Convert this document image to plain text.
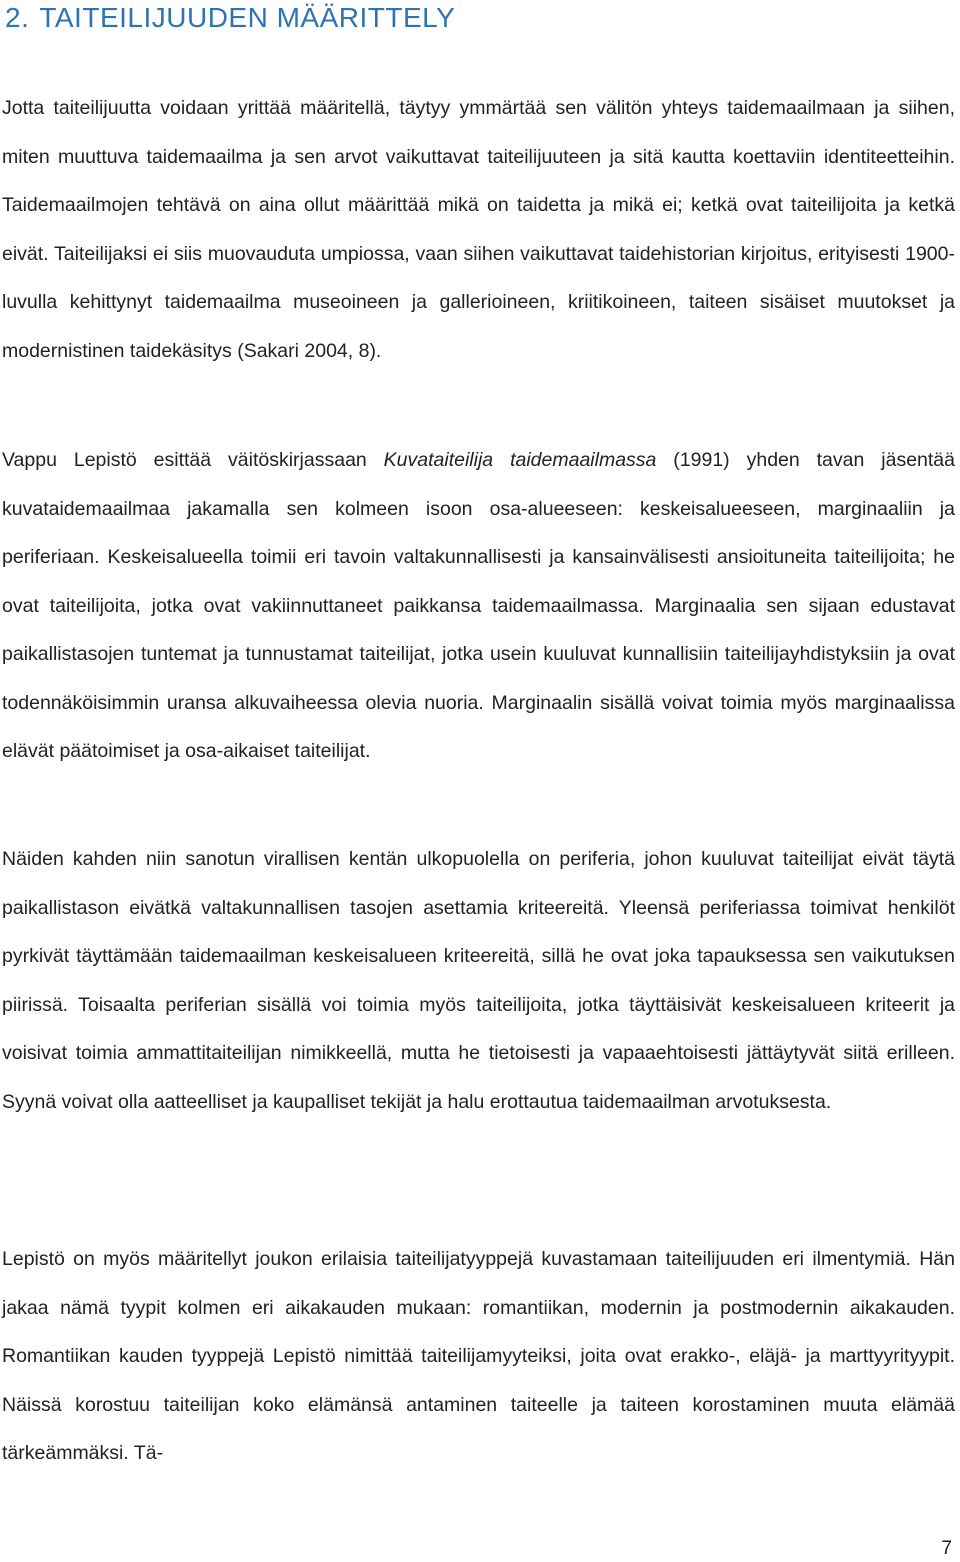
2. TAITEILIJUUDEN MÄÄRITTELY

Jotta taiteilijuutta voidaan yrittää määritellä, täytyy ymmärtää sen välitön yhteys taidemaailmaan ja siihen, miten muuttuva taidemaailma ja sen arvot vaikuttavat taiteilijuuteen ja sitä kautta koettaviin identiteetteihin. Taidemaailmojen tehtävä on aina ollut määrittää mikä on taidetta ja mikä ei; ketkä ovat taiteilijoita ja ketkä eivät. Taiteilijaksi ei siis muovauduta umpiossa, vaan siihen vaikuttavat taidehistorian kirjoitus, erityisesti 1900-luvulla kehittynyt taidemaailma museoineen ja gallerioineen, kriitikoineen, taiteen sisäiset muutokset ja modernistinen taidekäsitys (Sakari 2004, 8).

Vappu Lepistö esittää väitöskirjassaan Kuvataiteilija taidemaailmassa (1991) yhden tavan jäsentää kuvataidemaailmaa jakamalla sen kolmeen isoon osa-alueeseen: keskeisalueeseen, marginaaliin ja periferiaan. Keskeisalueella toimii eri tavoin valtakunnallisesti ja kansainvälisesti ansioituneita taiteilijoita; he ovat taiteilijoita, jotka ovat vakiinnuttaneet paikkansa taidemaailmassa. Marginaalia sen sijaan edustavat paikallistasojen tuntemat ja tunnustamat taiteilijat, jotka usein kuuluvat kunnallisiin taiteilijayhdistyksiin ja ovat todennäköisimmin uransa alkuvaiheessa olevia nuoria. Marginaalin sisällä voivat toimia myös marginaalissa elävät päätoimiset ja osa-aikaiset taiteilijat.

Näiden kahden niin sanotun virallisen kentän ulkopuolella on periferia, johon kuuluvat taiteilijat eivät täytä paikallistason eivätkä valtakunnallisen tasojen asettamia kriteereitä. Yleensä periferiassa toimivat henkilöt pyrkivät täyttämään taidemaailman keskeisalueen kriteereitä, sillä he ovat joka tapauksessa sen vaikutuksen piirissä. Toisaalta periferian sisällä voi toimia myös taiteilijoita, jotka täyttäisivät keskeisalueen kriteerit ja voisivat toimia ammattitaiteilijan nimikkeellä, mutta he tietoisesti ja vapaaehtoisesti jättäytyvät siitä erilleen. Syynä voivat olla aatteelliset ja kaupalliset tekijät ja halu erottautua taidemaailman arvotuksesta.

Lepistö on myös määritellyt joukon erilaisia taiteilijatyyppejä kuvastamaan taiteilijuuden eri ilmentymiä. Hän jakaa nämä tyypit kolmen eri aikakauden mukaan: romantiikan, modernin ja postmodernin aikakauden. Romantiikan kauden tyyppejä Lepistö nimittää taiteilijamyyteiksi, joita ovat erakko-, eläjä- ja marttyyrityypit. Näissä korostuu taiteilijan koko elämänsä antaminen taiteelle ja taiteen korostaminen muuta elämää tärkeämmäksi. Tä-

7
